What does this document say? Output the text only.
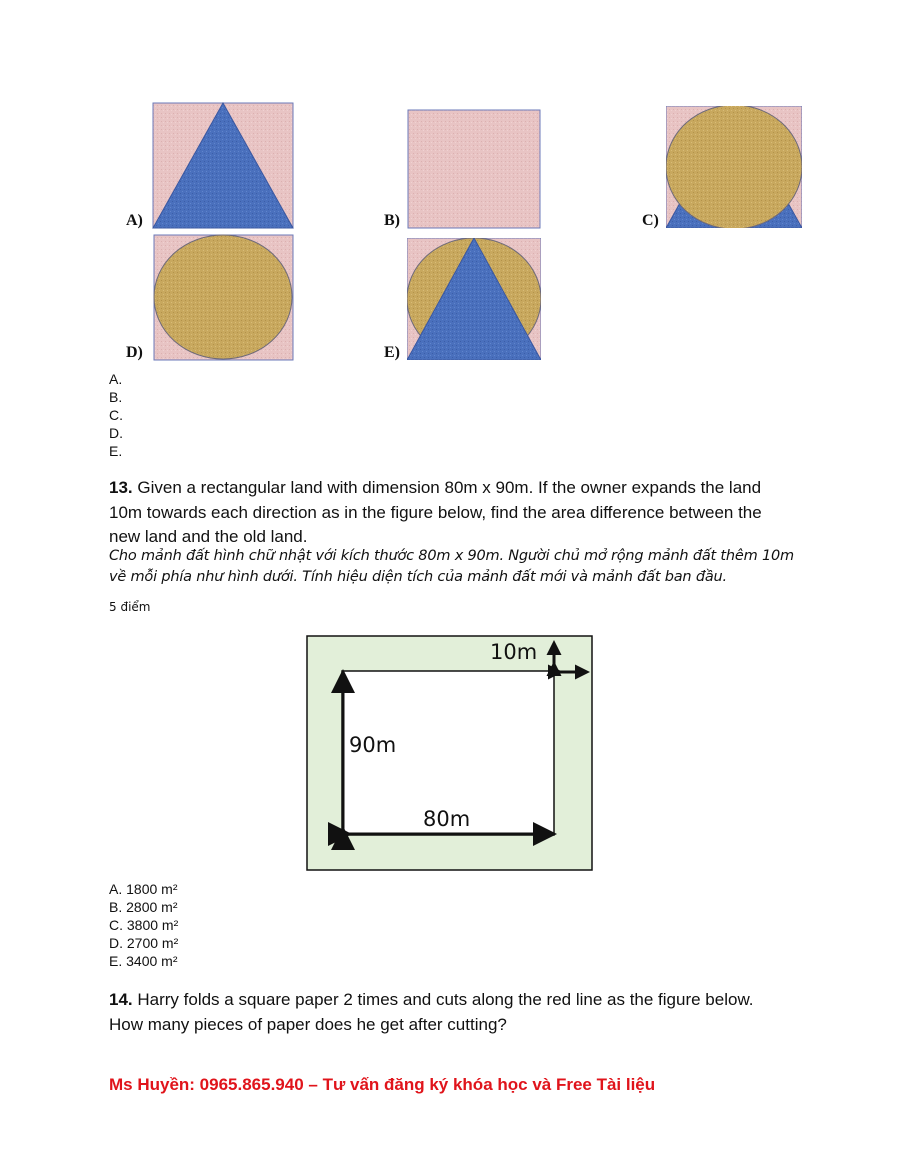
A)	B)	C)
D)	E)
A.
B.
C.
D.
E.
13. Given a rectangular land with dimension 80m x 90m. If the owner expands the land 10m towards each direction as in the figure below, find the area difference between the new land and the old land.
Cho mảnh đất hình chữ nhật với kích thước 80m x 90m. Người chủ mở rộng mảnh đất thêm 10m về mỗi phía như hình dưới. Tính hiệu diện tích của mảnh đất mới và mảnh đất ban đầu.
5 điểm
10m
90m
80m
A. 1800 m²
B. 2800 m²
C. 3800 m²
D. 2700 m²
E. 3400 m²
14. Harry folds a square paper 2 times and cuts along the red line as the figure below. How many pieces of paper does he get after cutting?
Ms Huyền: 0965.865.940 – Tư vấn đăng ký khóa học và Free Tài liệu
